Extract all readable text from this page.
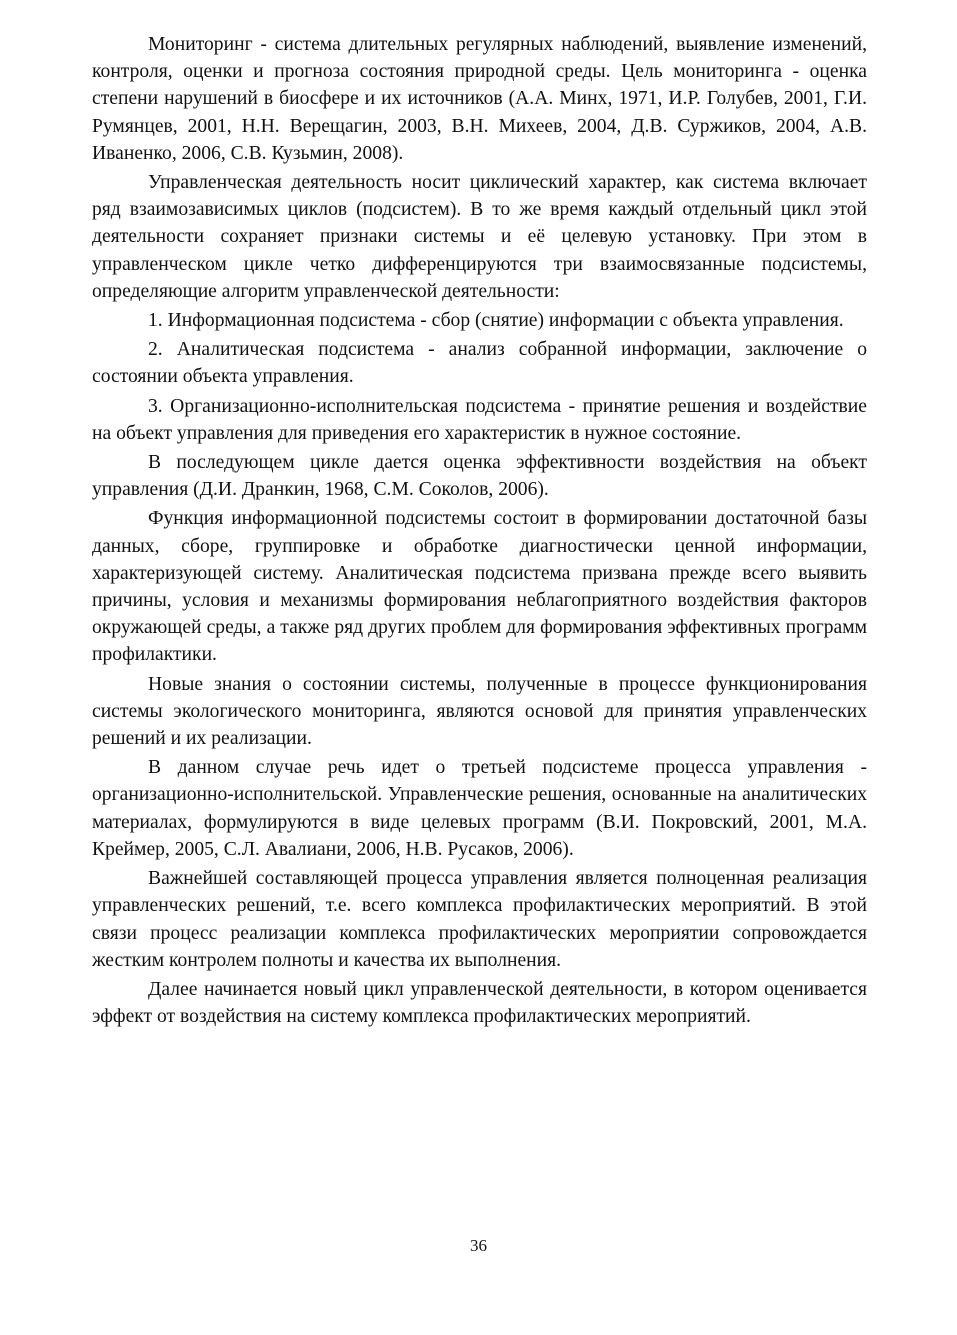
Мониторинг - система длительных регулярных наблюдений, выявление изменений, контроля, оценки и прогноза состояния природной среды. Цель мониторинга - оценка степени нарушений в биосфере и их источников (А.А. Минх, 1971, И.Р. Голубев, 2001, Г.И. Румянцев, 2001, Н.Н. Верещагин, 2003, В.Н. Михеев, 2004, Д.В. Суржиков, 2004, А.В. Иваненко, 2006, С.В. Кузьмин, 2008).

Управленческая деятельность носит циклический характер, как система включает ряд взаимозависимых циклов (подсистем). В то же время каждый отдельный цикл этой деятельности сохраняет признаки системы и её целевую установку. При этом в управленческом цикле четко дифференцируются три взаимосвязанные подсистемы, определяющие алгоритм управленческой деятельности:

1. Информационная подсистема - сбор (снятие) информации с объекта управления.

2. Аналитическая подсистема - анализ собранной информации, заключение о состоянии объекта управления.

3. Организационно-исполнительская подсистема - принятие решения и воздействие на объект управления для приведения его характеристик в нужное состояние.

В последующем цикле дается оценка эффективности воздействия на объект управления (Д.И. Дранкин, 1968, С.М. Соколов, 2006).

Функция информационной подсистемы состоит в формировании достаточной базы данных, сборе, группировке и обработке диагностически ценной информации, характеризующей систему. Аналитическая подсистема призвана прежде всего выявить причины, условия и механизмы формирования неблагоприятного воздействия факторов окружающей среды, а также ряд других проблем для формирования эффективных программ профилактики.

Новые знания о состоянии системы, полученные в процессе функционирования системы экологического мониторинга, являются основой для принятия управленческих решений и их реализации.

В данном случае речь идет о третьей подсистеме процесса управления - организационно-исполнительской. Управленческие решения, основанные на аналитических материалах, формулируются в виде целевых программ (В.И. Покровский, 2001, М.А. Креймер, 2005, С.Л. Авалиани, 2006, Н.В. Русаков, 2006).

Важнейшей составляющей процесса управления является полноценная реализация управленческих решений, т.е. всего комплекса профилактических мероприятий. В этой связи процесс реализации комплекса профилактических мероприятии сопровождается жестким контролем полноты и качества их выполнения.

Далее начинается новый цикл управленческой деятельности, в котором оценивается эффект от воздействия на систему комплекса профилактических мероприятий.

36
